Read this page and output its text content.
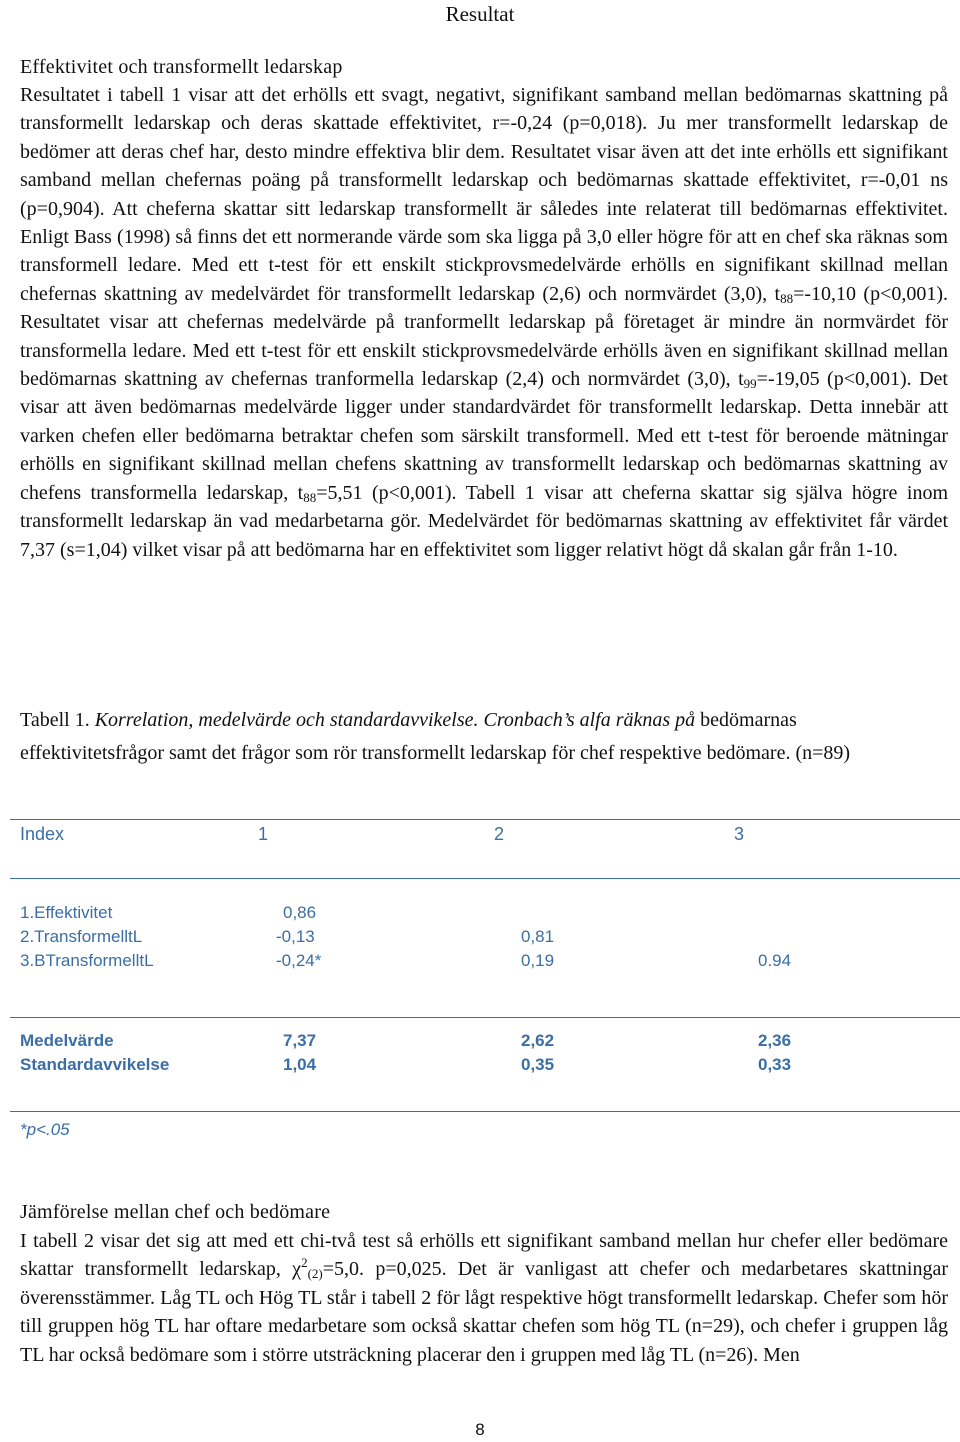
Resultat
Effektivitet och transformellt ledarskap

Resultatet i tabell 1 visar att det erhölls ett svagt, negativt, signifikant samband mellan bedömarnas skattning på transformellt ledarskap och deras skattade effektivitet, r=-0,24 (p=0,018). Ju mer transformellt ledarskap de bedömer att deras chef har, desto mindre effektiva blir dem. Resultatet visar även att det inte erhölls ett signifikant samband mellan chefernas poäng på transformellt ledarskap och bedömarnas skattade effektivitet, r=-0,01 ns (p=0,904). Att cheferna skattar sitt ledarskap transformellt är således inte relaterat till bedömarnas effektivitet. Enligt Bass (1998) så finns det ett normerande värde som ska ligga på 3,0 eller högre för att en chef ska räknas som transformell ledare. Med ett t-test för ett enskilt stickprovsmedelvärde erhölls en signifikant skillnad mellan chefernas skattning av medelvärdet för transformellt ledarskap (2,6) och normvärdet (3,0), $t_{88}=-10,10$ (p<0,001). Resultatet visar att chefernas medelvärde på tranformellt ledarskap på företaget är mindre än normvärdet för transformella ledare. Med ett t-test för ett enskilt stickprovsmedelvärde erhölls även en signifikant skillnad mellan bedömarnas skattning av chefernas tranformella ledarskap (2,4) och normvärdet (3,0), $t_{99}=-19,05$ (p<0,001). Det visar att även bedömarnas medelvärde ligger under standardvärdet för transformellt ledarskap. Detta innebär att varken chefen eller bedömarna betraktar chefen som särskilt transformell. Med ett t-test för beroende mätningar erhölls en signifikant skillnad mellan chefens skattning av transformellt ledarskap och bedömarnas skattning av chefens transformella ledarskap, $t_{88}=5,51$ (p<0,001). Tabell 1 visar att cheferna skattar sig själva högre inom transformellt ledarskap än vad medarbetarna gör. Medelvärdet för bedömarnas skattning av effektivitet får värdet 7,37 (s=1,04) vilket visar på att bedömarna har en effektivitet som ligger relativt högt då skalan går från 1-10.

Tabell 1. Korrelation, medelvärde och standardavvikelse. Cronbach’s alfa räknas på bedömarnas effektivitetsfrågor samt det frågor som rör transformellt ledarskap för chef respektive bedömare. (n=89)

Index	1	2	3
1.Effektivitet	0,86
2.TransformelltL	-0,13	0,81
3.BTransformelltL	-0,24*	0,19	0.94
Medelvärde	7,37	2,62	2,36
Standardavvikelse	1,04	0,35	0,33
*p<.05
Jämförelse mellan chef och bedömare

I tabell 2 visar det sig att med ett chi-två test så erhölls ett signifikant samband mellan hur chefer eller bedömare skattar transformellt ledarskap, $\chi^2_{(2)}=5,0$. p=0,025. Det är vanligast att chefer och medarbetares skattningar överensstämmer. Låg TL och Hög TL står i tabell 2 för lågt respektive högt transformellt ledarskap. Chefer som hör till gruppen hög TL har oftare medarbetare som också skattar chefen som hög TL (n=29), och chefer i gruppen låg TL har också bedömare som i större utsträckning placerar den i gruppen med låg TL (n=26). Men

8
